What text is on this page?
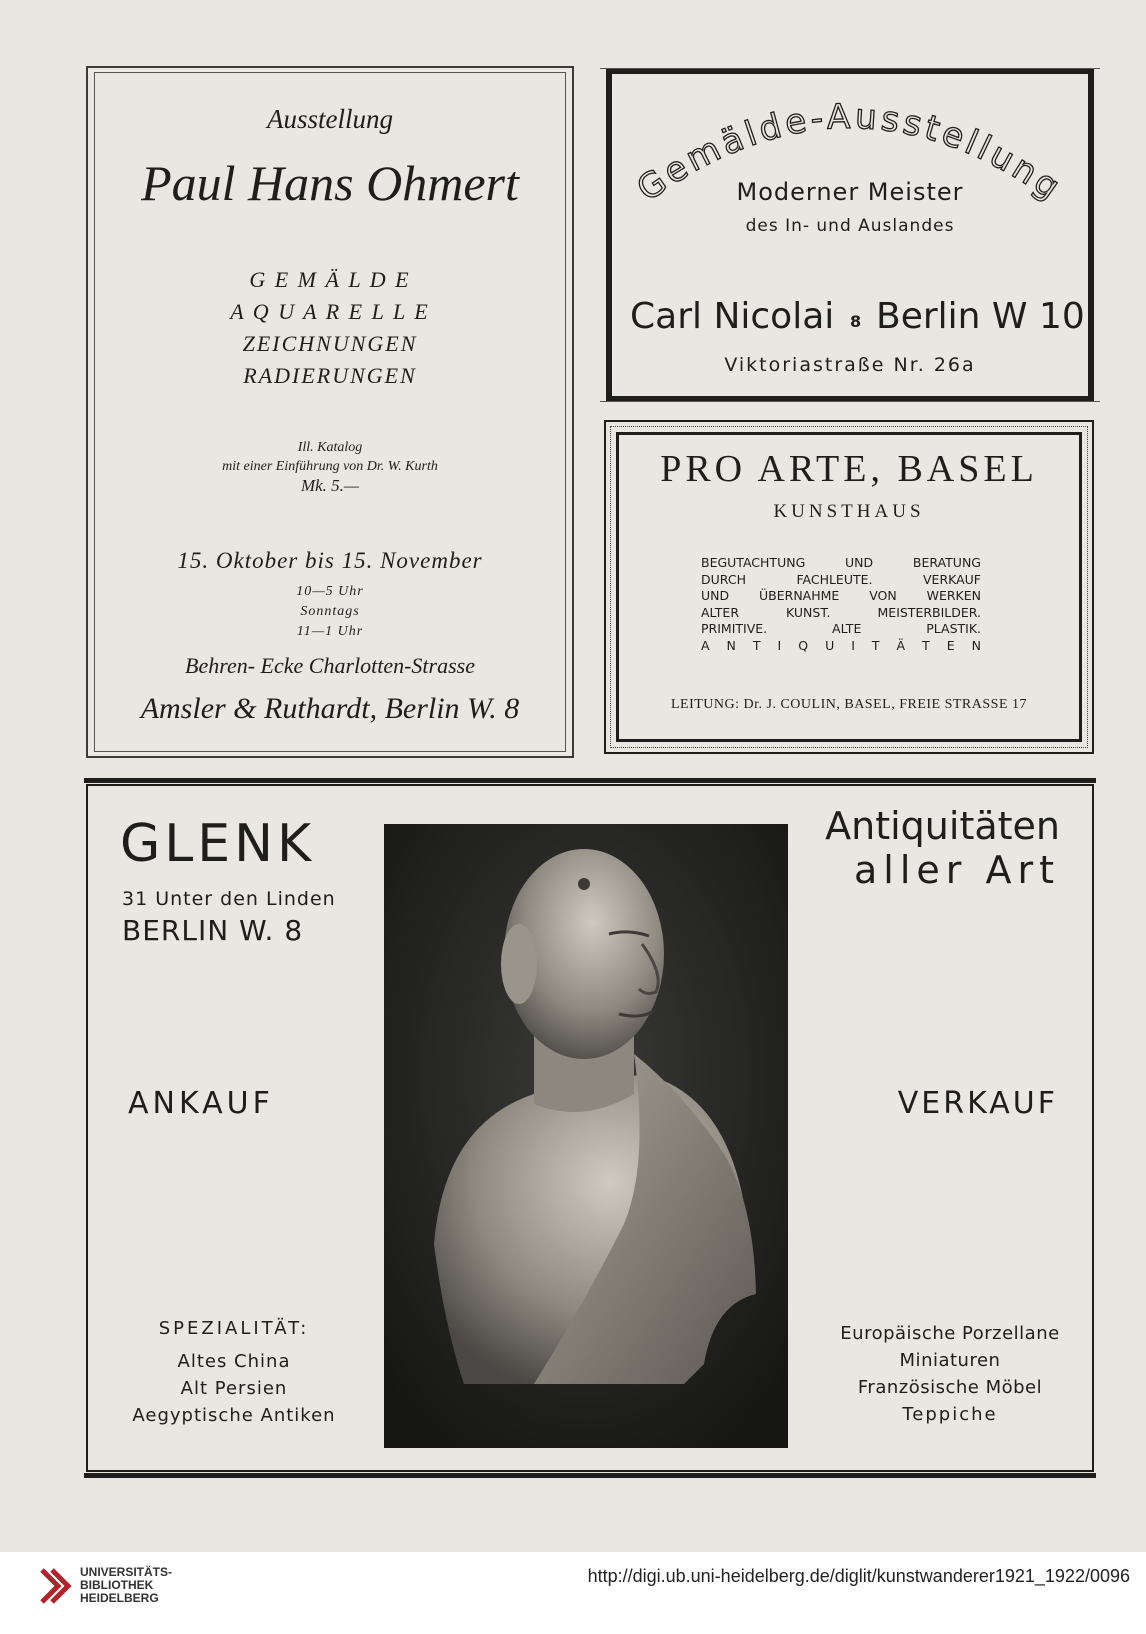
Ausstellung
Paul Hans Ohmert
G E M Ä L D E
A Q U A R E L L E
ZEICHNUNGEN
RADIERUNGEN
Ill. Katalog
mit einer Einführung von Dr. W. Kurth
Mk. 5.—
15. Oktober bis 15. November
10—5 Uhr
Sonntags
11—1 Uhr
Behren- Ecke Charlotten-Strasse
Amsler & Ruthardt, Berlin W. 8
Gemälde-Ausstellung
Moderner Meister
des In- und Auslandes
Carl Nicolai 8 Berlin W 10
Viktoriastraße Nr. 26a
PRO ARTE, BASEL
KUNSTHAUS
BEGUTACHTUNG UND BERATUNG
DURCH FACHLEUTE. VERKAUF
UND ÜBERNAHME VON WERKEN
ALTER KUNST. MEISTERBILDER.
PRIMITIVE. ALTE PLASTIK.
A N T I Q U I T Ä T E N
LEITUNG: Dr. J. COULIN, BASEL, FREIE STRASSE 17
GLENK
31 Unter den Linden
BERLIN W. 8
ANKAUF
Antiquitäten
aller Art
VERKAUF
SPEZIALITÄT:
Altes China
Alt Persien
Aegyptische Antiken
Europäische Porzellane
Miniaturen
Französische Möbel
Teppiche
UNIVERSITÄTS-
BIBLIOTHEK
HEIDELBERG
http://digi.ub.uni-heidelberg.de/diglit/kunstwanderer1921_1922/0096
